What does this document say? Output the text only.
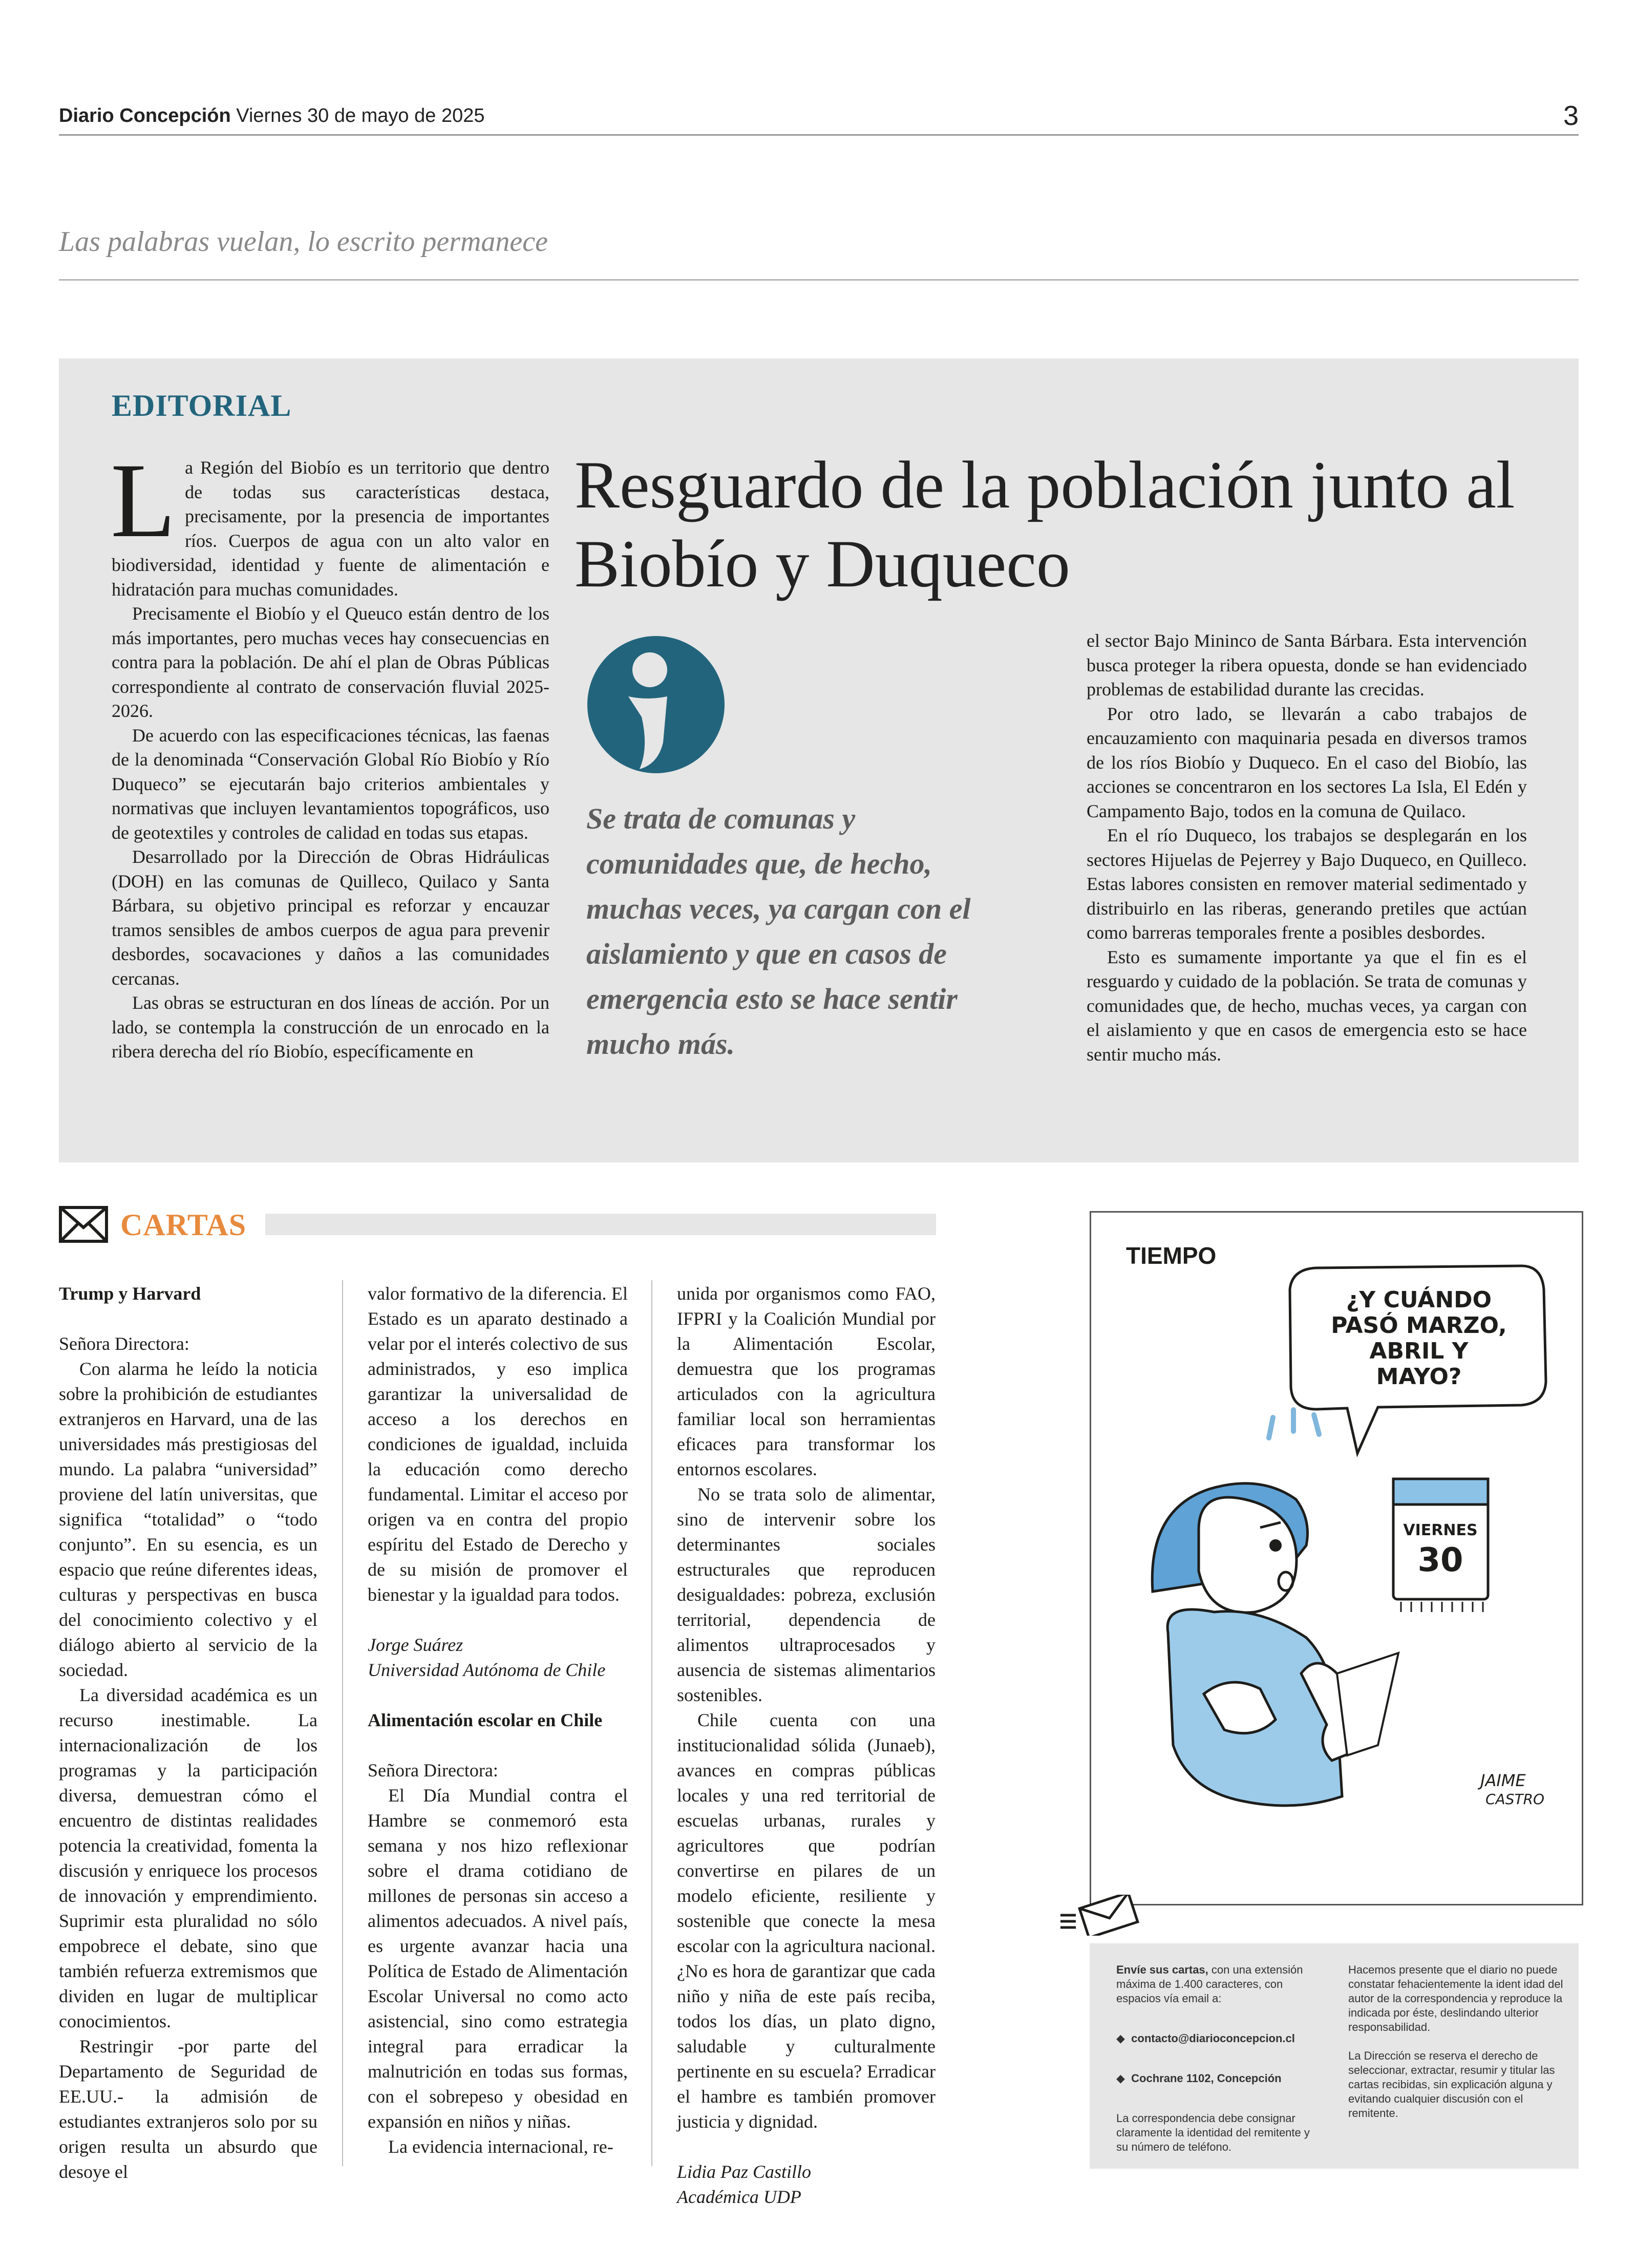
Diario Concepción Viernes 30 de mayo de 2025	3
Las palabras vuelan, lo escrito permanece
EDITORIAL

La Región del Biobío es un territorio que dentro de todas sus características destaca, precisamente, por la presencia de importantes ríos. Cuerpos de agua con un alto valor en biodiversidad, identidad y fuente de alimentación e hidratación para muchas comunidades.

Precisamente el Biobío y el Queuco están dentro de los más importantes, pero muchas veces hay consecuencias en contra para la población. De ahí el plan de Obras Públicas correspondiente al contrato de conservación fluvial 2025-2026.

De acuerdo con las especificaciones técnicas, las faenas de la denominada “Conservación Global Río Biobío y Río Duqueco” se ejecutarán bajo criterios ambientales y normativas que incluyen levantamientos topográficos, uso de geotextiles y controles de calidad en todas sus etapas.

Desarrollado por la Dirección de Obras Hidráulicas (DOH) en las comunas de Quilleco, Quilaco y Santa Bárbara, su objetivo principal es reforzar y encauzar tramos sensibles de ambos cuerpos de agua para prevenir desbordes, socavaciones y daños a las comunidades cercanas.

Las obras se estructuran en dos líneas de acción. Por un lado, se contempla la construcción de un enrocado en la ribera derecha del río Biobío, específicamente en

Resguardo de la población junto al Biobío y Duqueco
Se trata de comunas y comunidades que, de hecho, muchas veces, ya cargan con el aislamiento y que en casos de emergencia esto se hace sentir mucho más.

el sector Bajo Mininco de Santa Bárbara. Esta intervención busca proteger la ribera opuesta, donde se han evidenciado problemas de estabilidad durante las crecidas.

Por otro lado, se llevarán a cabo trabajos de encauzamiento con maquinaria pesada en diversos tramos de los ríos Biobío y Duqueco. En el caso del Biobío, las acciones se concentraron en los sectores La Isla, El Edén y Campamento Bajo, todos en la comuna de Quilaco.

En el río Duqueco, los trabajos se desplegarán en los sectores Hijuelas de Pejerrey y Bajo Duqueco, en Quilleco. Estas labores consisten en remover material sedimentado y distribuirlo en las riberas, generando pretiles que actúan como barreras temporales frente a posibles desbordes.

Esto es sumamente importante ya que el fin es el resguardo y cuidado de la población. Se trata de comunas y comunidades que, de hecho, muchas veces, ya cargan con el aislamiento y que en casos de emergencia esto se hace sentir mucho más.

CARTAS

Trump y Harvard

Señora Directora:

Con alarma he leído la noticia sobre la prohibición de estudiantes extranjeros en Harvard, una de las universidades más prestigiosas del mundo. La palabra “universidad” proviene del latín universitas, que significa “totalidad” o “todo conjunto”. En su esencia, es un espacio que reúne diferentes ideas, culturas y perspectivas en busca del conocimiento colectivo y el diálogo abierto al servicio de la sociedad.

La diversidad académica es un recurso inestimable. La internacionalización de los programas y la participación diversa, demuestran cómo el encuentro de distintas realidades potencia la creatividad, fomenta la discusión y enriquece los procesos de innovación y emprendimiento. Suprimir esta pluralidad no sólo empobrece el debate, sino que también refuerza extremismos que dividen en lugar de multiplicar conocimientos.

Restringir -por parte del Departamento de Seguridad de EE.UU.- la admisión de estudiantes extranjeros solo por su origen resulta un absurdo que desoye el

valor formativo de la diferencia. El Estado es un aparato destinado a velar por el interés colectivo de sus administrados, y eso implica garantizar la universalidad de acceso a los derechos en condiciones de igualdad, incluida la educación como derecho fundamental. Limitar el acceso por origen va en contra del propio espíritu del Estado de Derecho y de su misión de promover el bienestar y la igualdad para todos.

Jorge Suárez

Universidad Autónoma de Chile

Alimentación escolar en Chile

Señora Directora:

El Día Mundial contra el Hambre se conmemoró esta semana y nos hizo reflexionar sobre el drama cotidiano de millones de personas sin acceso a alimentos adecuados. A nivel país, es urgente avanzar hacia una Política de Estado de Alimentación Escolar Universal no como acto asistencial, sino como estrategia integral para erradicar la malnutrición en todas sus formas, con el sobrepeso y obesidad en expansión en niños y niñas.

La evidencia internacional, re-

unida por organismos como FAO, IFPRI y la Coalición Mundial por la Alimentación Escolar, demuestra que los programas articulados con la agricultura familiar local son herramientas eficaces para transformar los entornos escolares.

No se trata solo de alimentar, sino de intervenir sobre los determinantes sociales estructurales que reproducen desigualdades: pobreza, exclusión territorial, dependencia de alimentos ultraprocesados y ausencia de sistemas alimentarios sostenibles.

Chile cuenta con una institucionalidad sólida (Junaeb), avances en compras públicas locales y una red territorial de escuelas urbanas, rurales y agricultores que podrían convertirse en pilares de un modelo eficiente, resiliente y sostenible que conecte la mesa escolar con la agricultura nacional. ¿No es hora de garantizar que cada niño y niña de este país reciba, todos los días, un plato digno, saludable y culturalmente pertinente en su escuela? Erradicar el hambre es también promover justicia y dignidad.

Lidia Paz Castillo

Académica UDP

TIEMPO
¿Y CUÁNDO
PASÓ MARZO,
ABRIL Y
MAYO?
VIERNES
30
JAIME
CASTRO

Envíe sus cartas, con una extensión máxima de 1.400 caracteres, con espacios vía email a:

◆  contacto@diarioconcepcion.cl

◆  Cochrane 1102, Concepción

La correspondencia debe consignar claramente la identidad del remitente y su número de teléfono.

Hacemos presente que el diario no puede constatar fehacientemente la ident idad del autor de la correspondencia y reproduce la indicada por éste, deslindando ulterior responsabilidad.

La Dirección se reserva el derecho de seleccionar, extractar, resumir y titular las cartas recibidas, sin explicación alguna y evitando cualquier discusión con el remitente.
